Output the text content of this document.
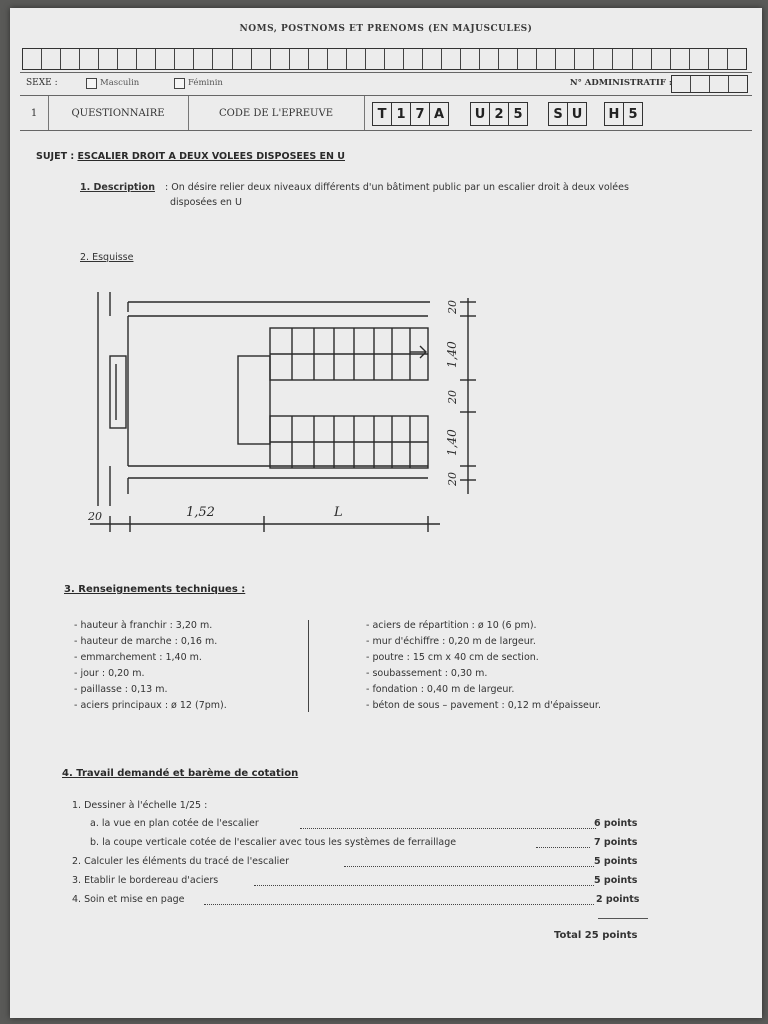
NOMS, POSTNOMS ET PRENOMS (EN MAJUSCULES)
SEXE :	Masculin	Féminin	N° ADMINISTRATIF :
1	QUESTIONNAIRE	CODE DE L'EPREUVE	T 1 7 A	U 2 5	S U H 5
SUJET : ESCALIER DROIT A DEUX VOLEES DISPOSEES EN U
1. Description : On désire relier deux niveaux différents d'un bâtiment public par un escalier droit à deux volées
disposées en U
2. Esquisse
20	1,52	L
20
1,40
20
1,40
20
3. Renseignements techniques :
- hauteur à franchir : 3,20 m.
- hauteur de marche : 0,16 m.
- emmarchement : 1,40 m.
- jour : 0,20 m.
- paillasse : 0,13 m.
- aciers principaux : ø 12 (7pm).
- aciers de répartition : ø 10 (6 pm).
- mur d'échiffre : 0,20 m de largeur.
- poutre : 15 cm x 40 cm de section.
- soubassement : 0,30 m.
- fondation : 0,40 m de largeur.
- béton de sous – pavement : 0,12 m d'épaisseur.
4. Travail demandé et barème de cotation
1. Dessiner à l'échelle 1/25 :
a. la vue en plan cotée de l'escalier	6 points
b. la coupe verticale cotée de l'escalier avec tous les systèmes de ferraillage	7 points
2. Calculer les éléments du tracé de l'escalier	5 points
3. Etablir le bordereau d'aciers	5 points
4. Soin et mise en page	2 points
Total 25 points
